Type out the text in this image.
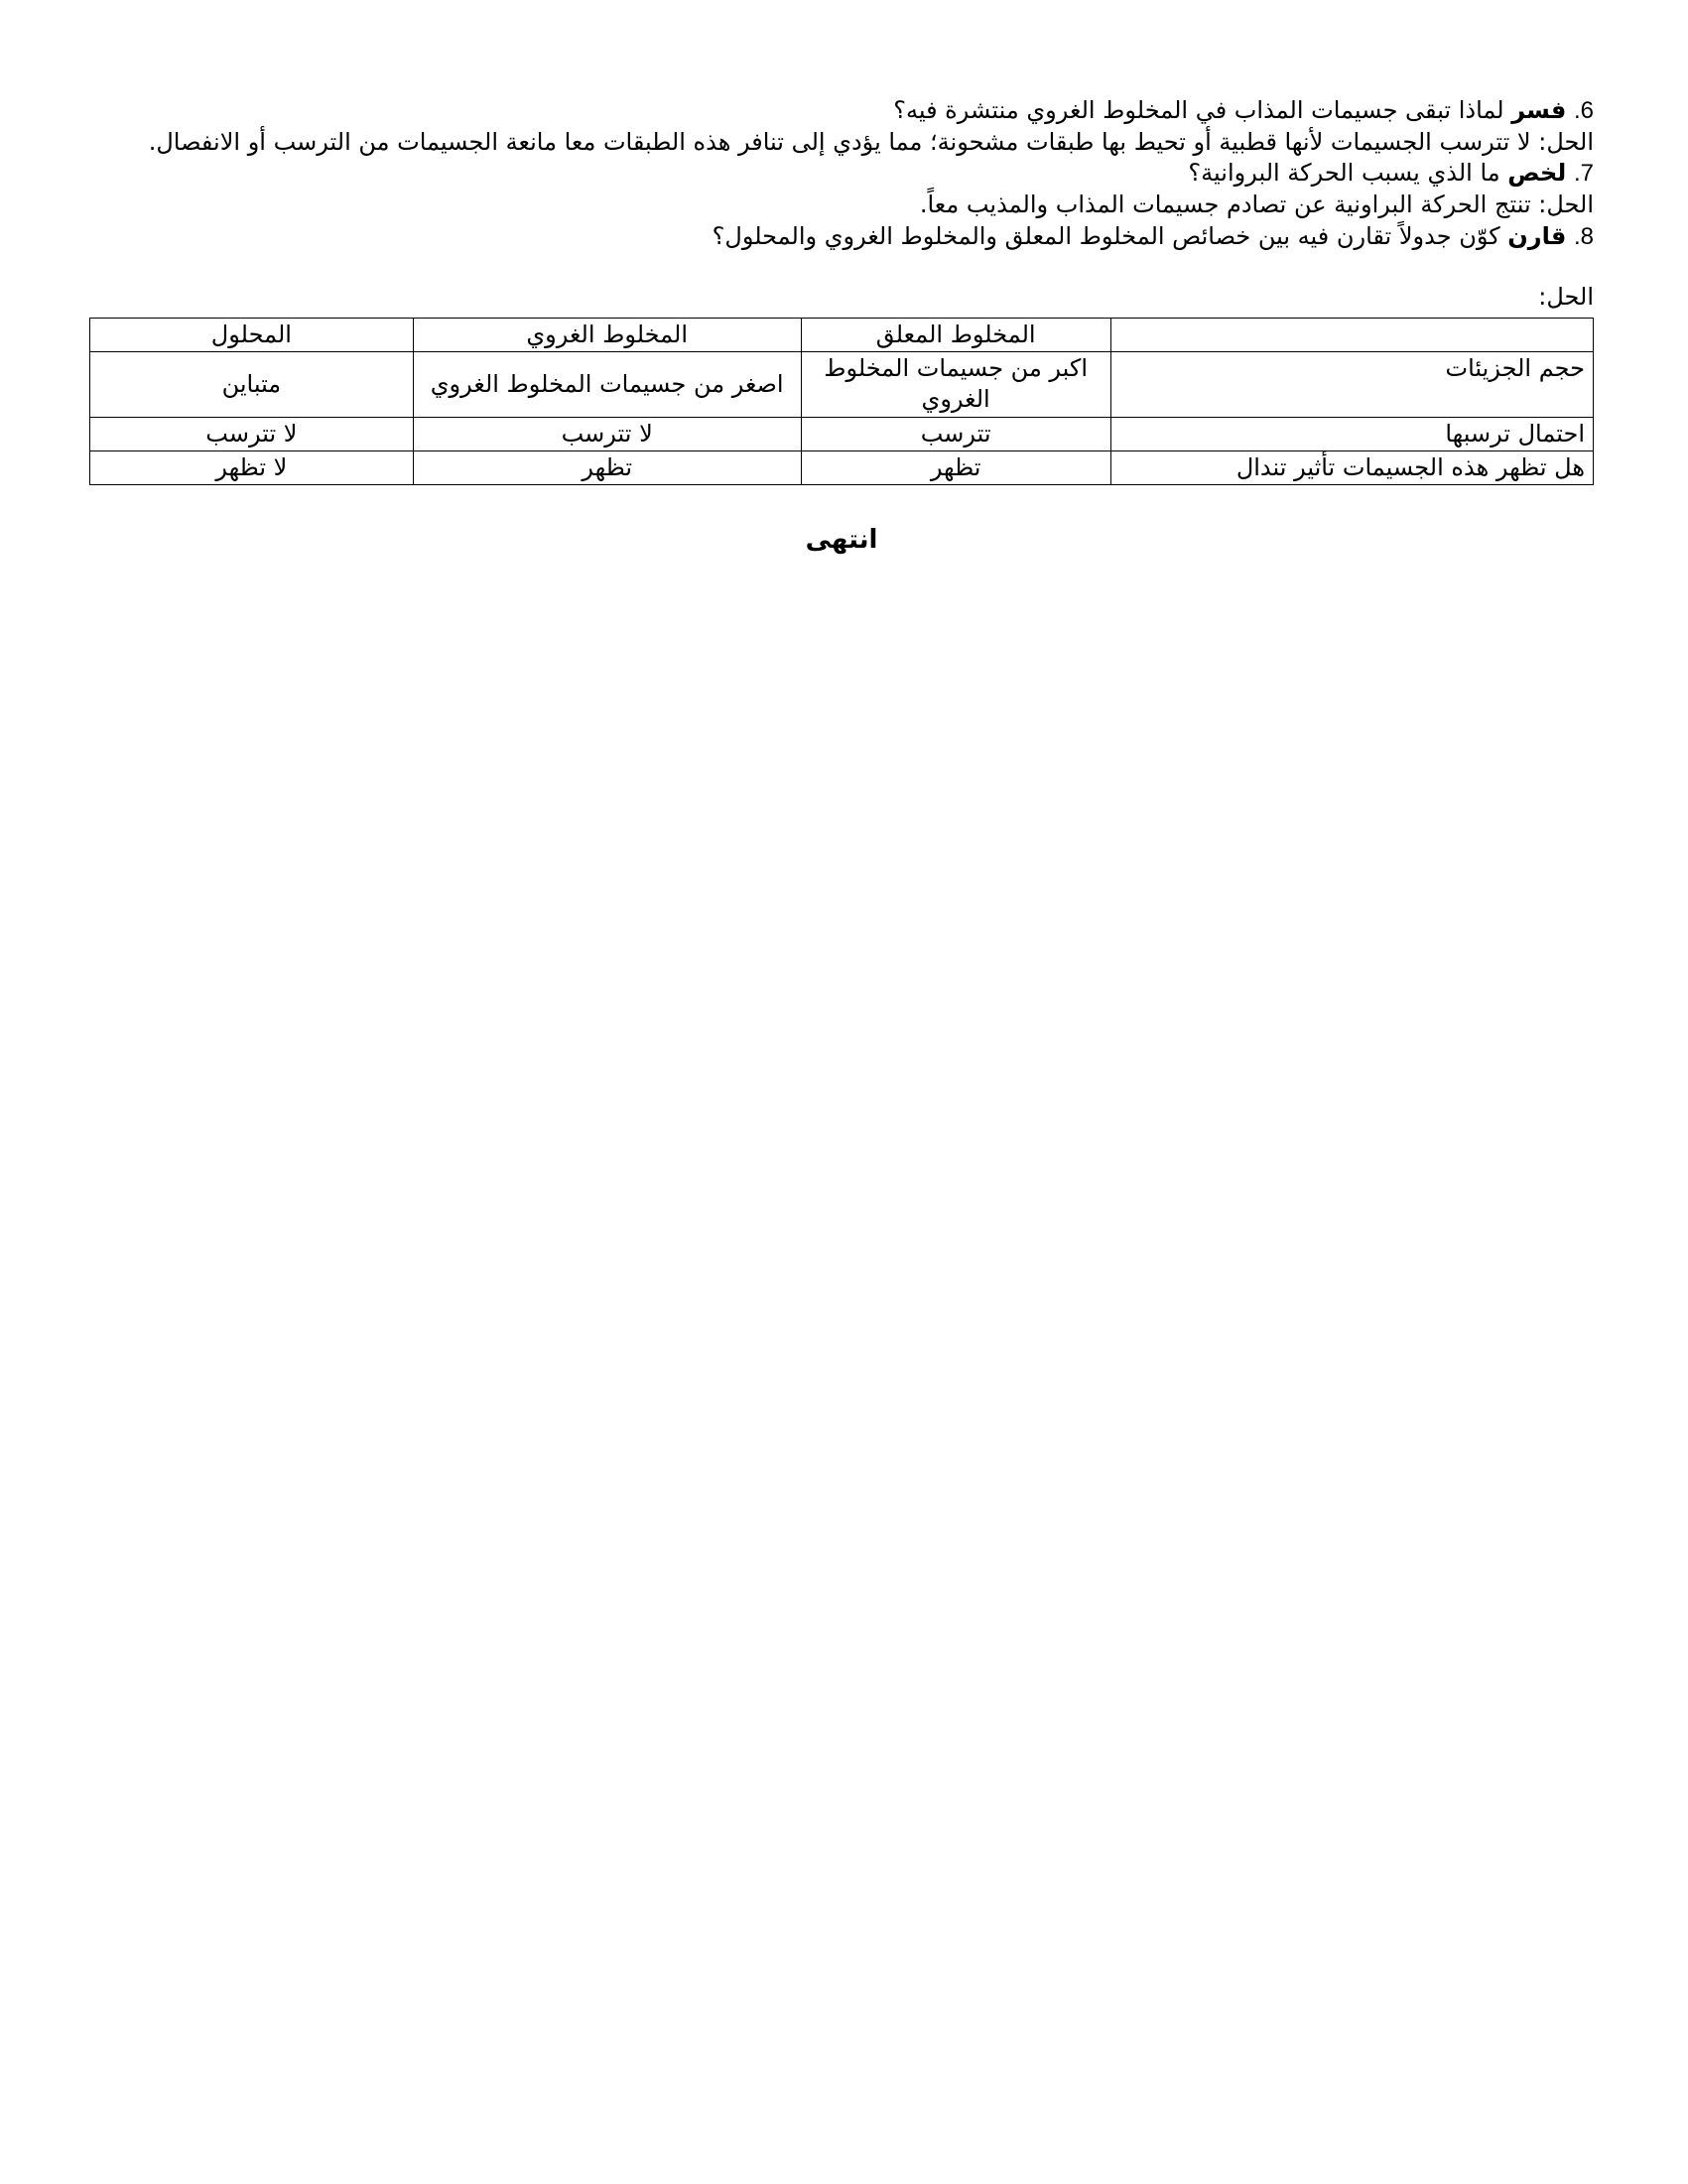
6. فسر لماذا تبقى جسيمات المذاب في المخلوط الغروي منتشرة فيه؟

الحل: لا تترسب الجسيمات لأنها قطبية أو تحيط بها طبقات مشحونة؛ مما يؤدي إلى تنافر هذه الطبقات معا مانعة الجسيمات من الترسب أو الانفصال.

7. لخص ما الذي يسبب الحركة البروانية؟

الحل: تنتج الحركة البراونية عن تصادم جسيمات المذاب والمذيب معاً.

8. قارن كوّن جدولاً تقارن فيه بين خصائص المخلوط المعلق والمخلوط الغروي والمحلول؟

الحل:

	المخلوط المعلق	المخلوط الغروي	المحلول
حجم الجزيئات	اكبر من جسيمات المخلوط الغروي	اصغر من جسيمات المخلوط الغروي	متباين
احتمال ترسبها	تترسب	لا تترسب	لا تترسب
هل تظهر هذه الجسيمات تأثير تندال	تظهر	تظهر	لا تظهر
انتهى
